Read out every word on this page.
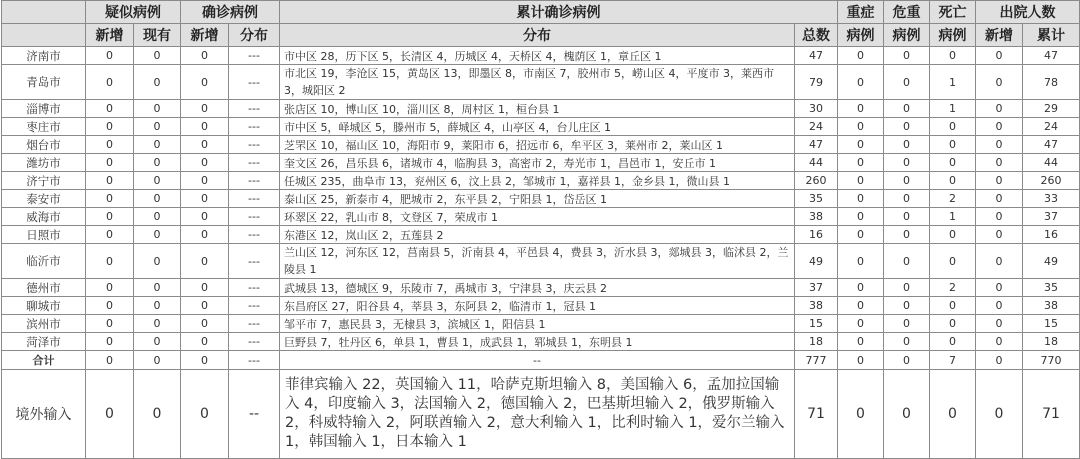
	疑似病例		确诊病例		累计确诊病例		重症	危重	死亡	出院人数	
	新增	现有	新增	分布	分布	总数	病例	病例	病例	新增	累计
济南市	0	0	0	---	市中区 28，历下区 5，长清区 4，历城区 4，天桥区 4，槐荫区 1，章丘区 1	47	0	0	0	0	47
青岛市	0	0	0	---	市北区 19，李沧区 15，黄岛区 13，即墨区 8，市南区 7，胶州市 5，崂山区 4，平度市 3，莱西市 3，城阳区 2	79	0	0	1	0	78
淄博市	0	0	0	---	张店区 10，博山区 10，淄川区 8，周村区 1，桓台县 1	30	0	0	1	0	29
枣庄市	0	0	0	---	市中区 5，峄城区 5，滕州市 5，薛城区 4，山亭区 4，台儿庄区 1	24	0	0	0	0	24
烟台市	0	0	0	---	芝罘区 10，福山区 10，海阳市 9，莱阳市 6，招远市 6，牟平区 3，莱州市 2，莱山区 1	47	0	0	0	0	47
潍坊市	0	0	0	---	奎文区 26，昌乐县 6，诸城市 4，临朐县 3，高密市 2，寿光市 1，昌邑市 1，安丘市 1	44	0	0	0	0	44
济宁市	0	0	0	---	任城区 235，曲阜市 13，兖州区 6，汶上县 2，邹城市 1，嘉祥县 1，金乡县 1，微山县 1	260	0	0	0	0	260
泰安市	0	0	0	---	泰山区 25，新泰市 4，肥城市 2，东平县 2，宁阳县 1，岱岳区 1	35	0	0	2	0	33
威海市	0	0	0	---	环翠区 22，乳山市 8，文登区 7，荣成市 1	38	0	0	1	0	37
日照市	0	0	0	---	东港区 12，岚山区 2，五莲县 2	16	0	0	0	0	16
临沂市	0	0	0	---	兰山区 12，河东区 12，莒南县 5，沂南县 4，平邑县 4，费县 3，沂水县 3，郯城县 3，临沭县 2，兰陵县 1	49	0	0	0	0	49
德州市	0	0	0	---	武城县 13，德城区 9，乐陵市 7，禹城市 3，宁津县 3，庆云县 2	37	0	0	2	0	35
聊城市	0	0	0	---	东昌府区 27，阳谷县 4，莘县 3，东阿县 2，临清市 1，冠县 1	38	0	0	0	0	38
滨州市	0	0	0	---	邹平市 7，惠民县 3，无棣县 3，滨城区 1，阳信县 1	15	0	0	0	0	15
菏泽市	0	0	0	---	巨野县 7，牡丹区 6，单县 1，曹县 1，成武县 1，郓城县 1，东明县 1	18	0	0	0	0	18
合计	0	0	0	---	--	777	0	0	7	0	770
境外输入	0	0	0	--	菲律宾输入 22，英国输入 11，哈萨克斯坦输入 8，美国输入 6，孟加拉国输入 4，印度输入 3，法国输入 2，德国输入 2，巴基斯坦输入 2，俄罗斯输入 2，科威特输入 2，阿联酋输入 2，意大利输入 1，比利时输入 1，爱尔兰输入 1，韩国输入 1，日本输入 1	71	0	0	0	0	71
